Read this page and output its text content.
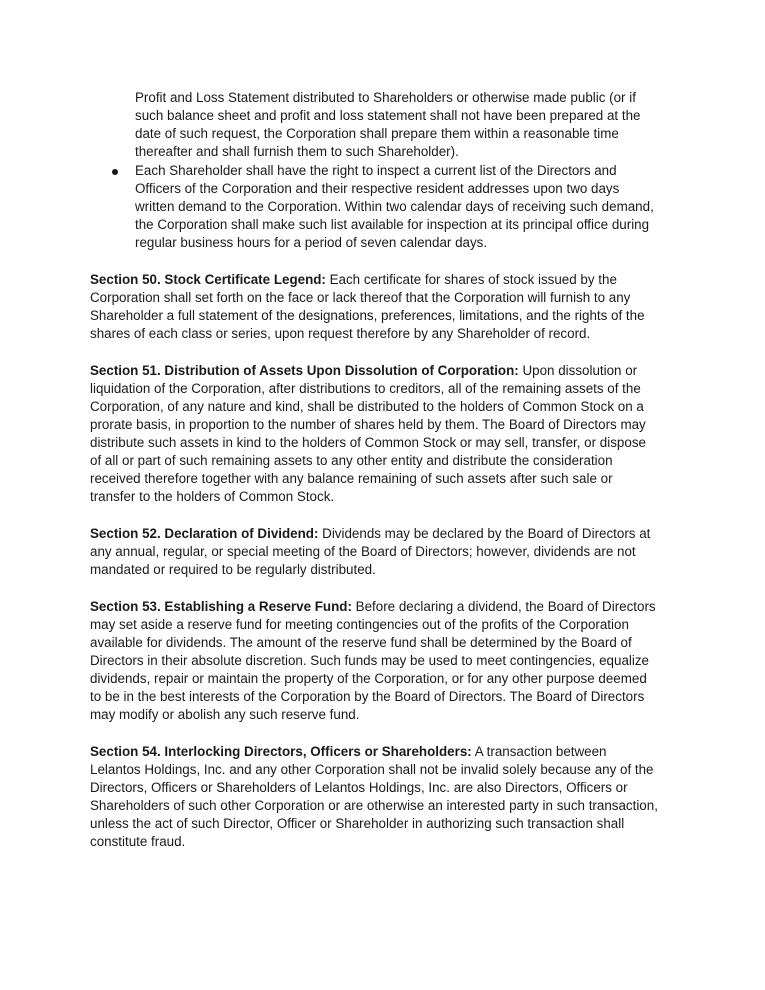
Profit and Loss Statement distributed to Shareholders or otherwise made public (or if
such balance sheet and profit and loss statement shall not have been prepared at the
date of such request, the Corporation shall prepare them within a reasonable time
thereafter and shall furnish them to such Shareholder).
Each Shareholder shall have the right to inspect a current list of the Directors and
Officers of the Corporation and their respective resident addresses upon two days
written demand to the Corporation. Within two calendar days of receiving such demand,
the Corporation shall make such list available for inspection at its principal office during
regular business hours for a period of seven calendar days.
Section 50. Stock Certificate Legend: Each certificate for shares of stock issued by the
Corporation shall set forth on the face or lack thereof that the Corporation will furnish to any
Shareholder a full statement of the designations, preferences, limitations, and the rights of the
shares of each class or series, upon request therefore by any Shareholder of record.
Section 51. Distribution of Assets Upon Dissolution of Corporation: Upon dissolution or
liquidation of the Corporation, after distributions to creditors, all of the remaining assets of the
Corporation, of any nature and kind, shall be distributed to the holders of Common Stock on a
prorate basis, in proportion to the number of shares held by them. The Board of Directors may
distribute such assets in kind to the holders of Common Stock or may sell, transfer, or dispose
of all or part of such remaining assets to any other entity and distribute the consideration
received therefore together with any balance remaining of such assets after such sale or
transfer to the holders of Common Stock.
Section 52. Declaration of Dividend: Dividends may be declared by the Board of Directors at
any annual, regular, or special meeting of the Board of Directors; however, dividends are not
mandated or required to be regularly distributed.
Section 53. Establishing a Reserve Fund: Before declaring a dividend, the Board of Directors
may set aside a reserve fund for meeting contingencies out of the profits of the Corporation
available for dividends. The amount of the reserve fund shall be determined by the Board of
Directors in their absolute discretion. Such funds may be used to meet contingencies, equalize
dividends, repair or maintain the property of the Corporation, or for any other purpose deemed
to be in the best interests of the Corporation by the Board of Directors. The Board of Directors
may modify or abolish any such reserve fund.
Section 54. Interlocking Directors, Officers or Shareholders: A transaction between
Lelantos Holdings, Inc. and any other Corporation shall not be invalid solely because any of the
Directors, Officers or Shareholders of Lelantos Holdings, Inc. are also Directors, Officers or
Shareholders of such other Corporation or are otherwise an interested party in such transaction,
unless the act of such Director, Officer or Shareholder in authorizing such transaction shall
constitute fraud.
